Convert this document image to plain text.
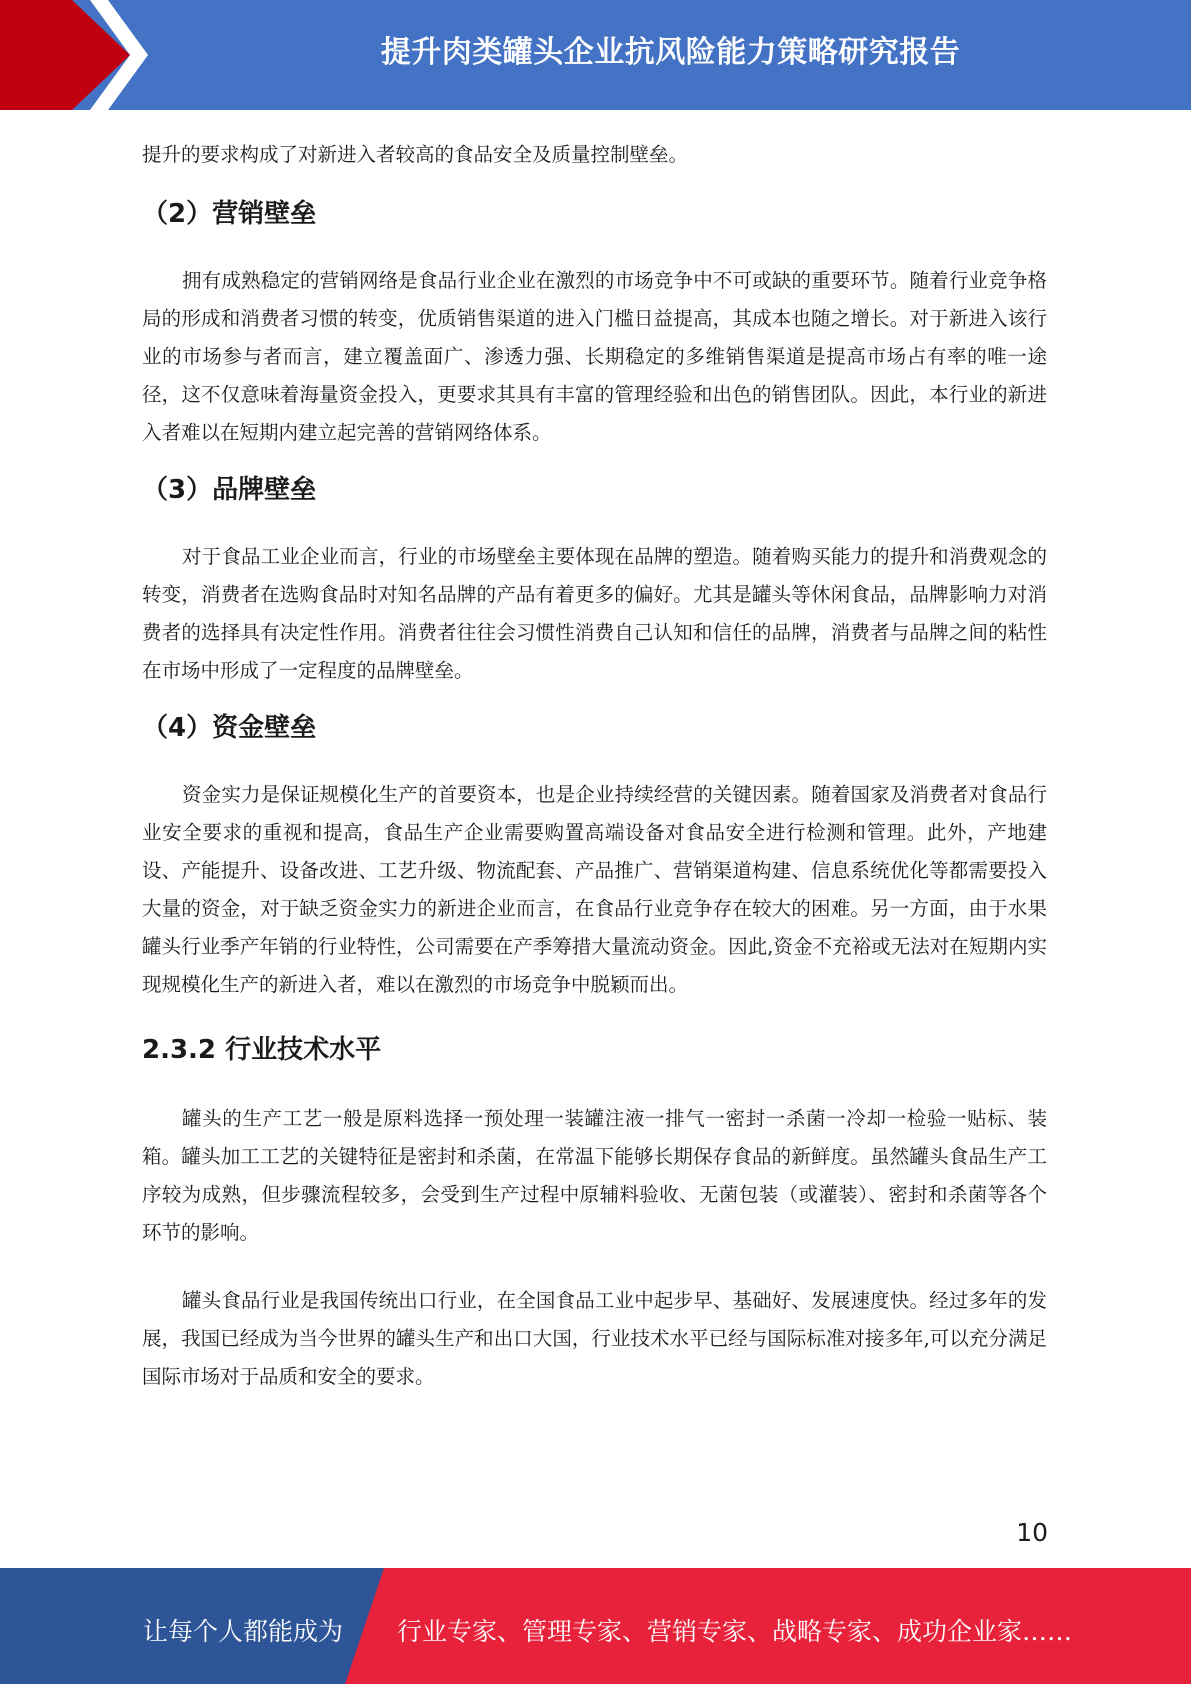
提升肉类罐头企业抗风险能力策略研究报告

提升的要求构成了对新进入者较高的食品安全及质量控制壁垒。

（2）营销壁垒

拥有成熟稳定的营销网络是食品行业企业在激烈的市场竞争中不可或缺的重要环节。随着行业竞争格局的形成和消费者习惯的转变，优质销售渠道的进入门槛日益提高，其成本也随之增长。对于新进入该行业的市场参与者而言，建立覆盖面广、渗透力强、长期稳定的多维销售渠道是提高市场占有率的唯一途径，这不仅意味着海量资金投入，更要求其具有丰富的管理经验和出色的销售团队。因此，本行业的新进入者难以在短期内建立起完善的营销网络体系。

（3）品牌壁垒

对于食品工业企业而言，行业的市场壁垒主要体现在品牌的塑造。随着购买能力的提升和消费观念的转变，消费者在选购食品时对知名品牌的产品有着更多的偏好。尤其是罐头等休闲食品，品牌影响力对消费者的选择具有决定性作用。消费者往往会习惯性消费自己认知和信任的品牌，消费者与品牌之间的粘性在市场中形成了一定程度的品牌壁垒。

（4）资金壁垒

资金实力是保证规模化生产的首要资本，也是企业持续经营的关键因素。随着国家及消费者对食品行业安全要求的重视和提高，食品生产企业需要购置高端设备对食品安全进行检测和管理。此外，产地建设、产能提升、设备改进、工艺升级、物流配套、产品推广、营销渠道构建、信息系统优化等都需要投入大量的资金，对于缺乏资金实力的新进企业而言，在食品行业竞争存在较大的困难。另一方面，由于水果罐头行业季产年销的行业特性，公司需要在产季筹措大量流动资金。因此,资金不充裕或无法对在短期内实现规模化生产的新进入者，难以在激烈的市场竞争中脱颖而出。

2.3.2 行业技术水平

罐头的生产工艺一般是原料选择一预处理一装罐注液一排气一密封一杀菌一冷却一检验一贴标、装箱。罐头加工工艺的关键特征是密封和杀菌，在常温下能够长期保存食品的新鲜度。虽然罐头食品生产工序较为成熟，但步骤流程较多，会受到生产过程中原辅料验收、无菌包装（或灌装）、密封和杀菌等各个环节的影响。

罐头食品行业是我国传统出口行业，在全国食品工业中起步早、基础好、发展速度快。经过多年的发展，我国已经成为当今世界的罐头生产和出口大国，行业技术水平已经与国际标准对接多年,可以充分满足国际市场对于品质和安全的要求。

10
让每个人都能成为 行业专家、管理专家、营销专家、战略专家、成功企业家……
